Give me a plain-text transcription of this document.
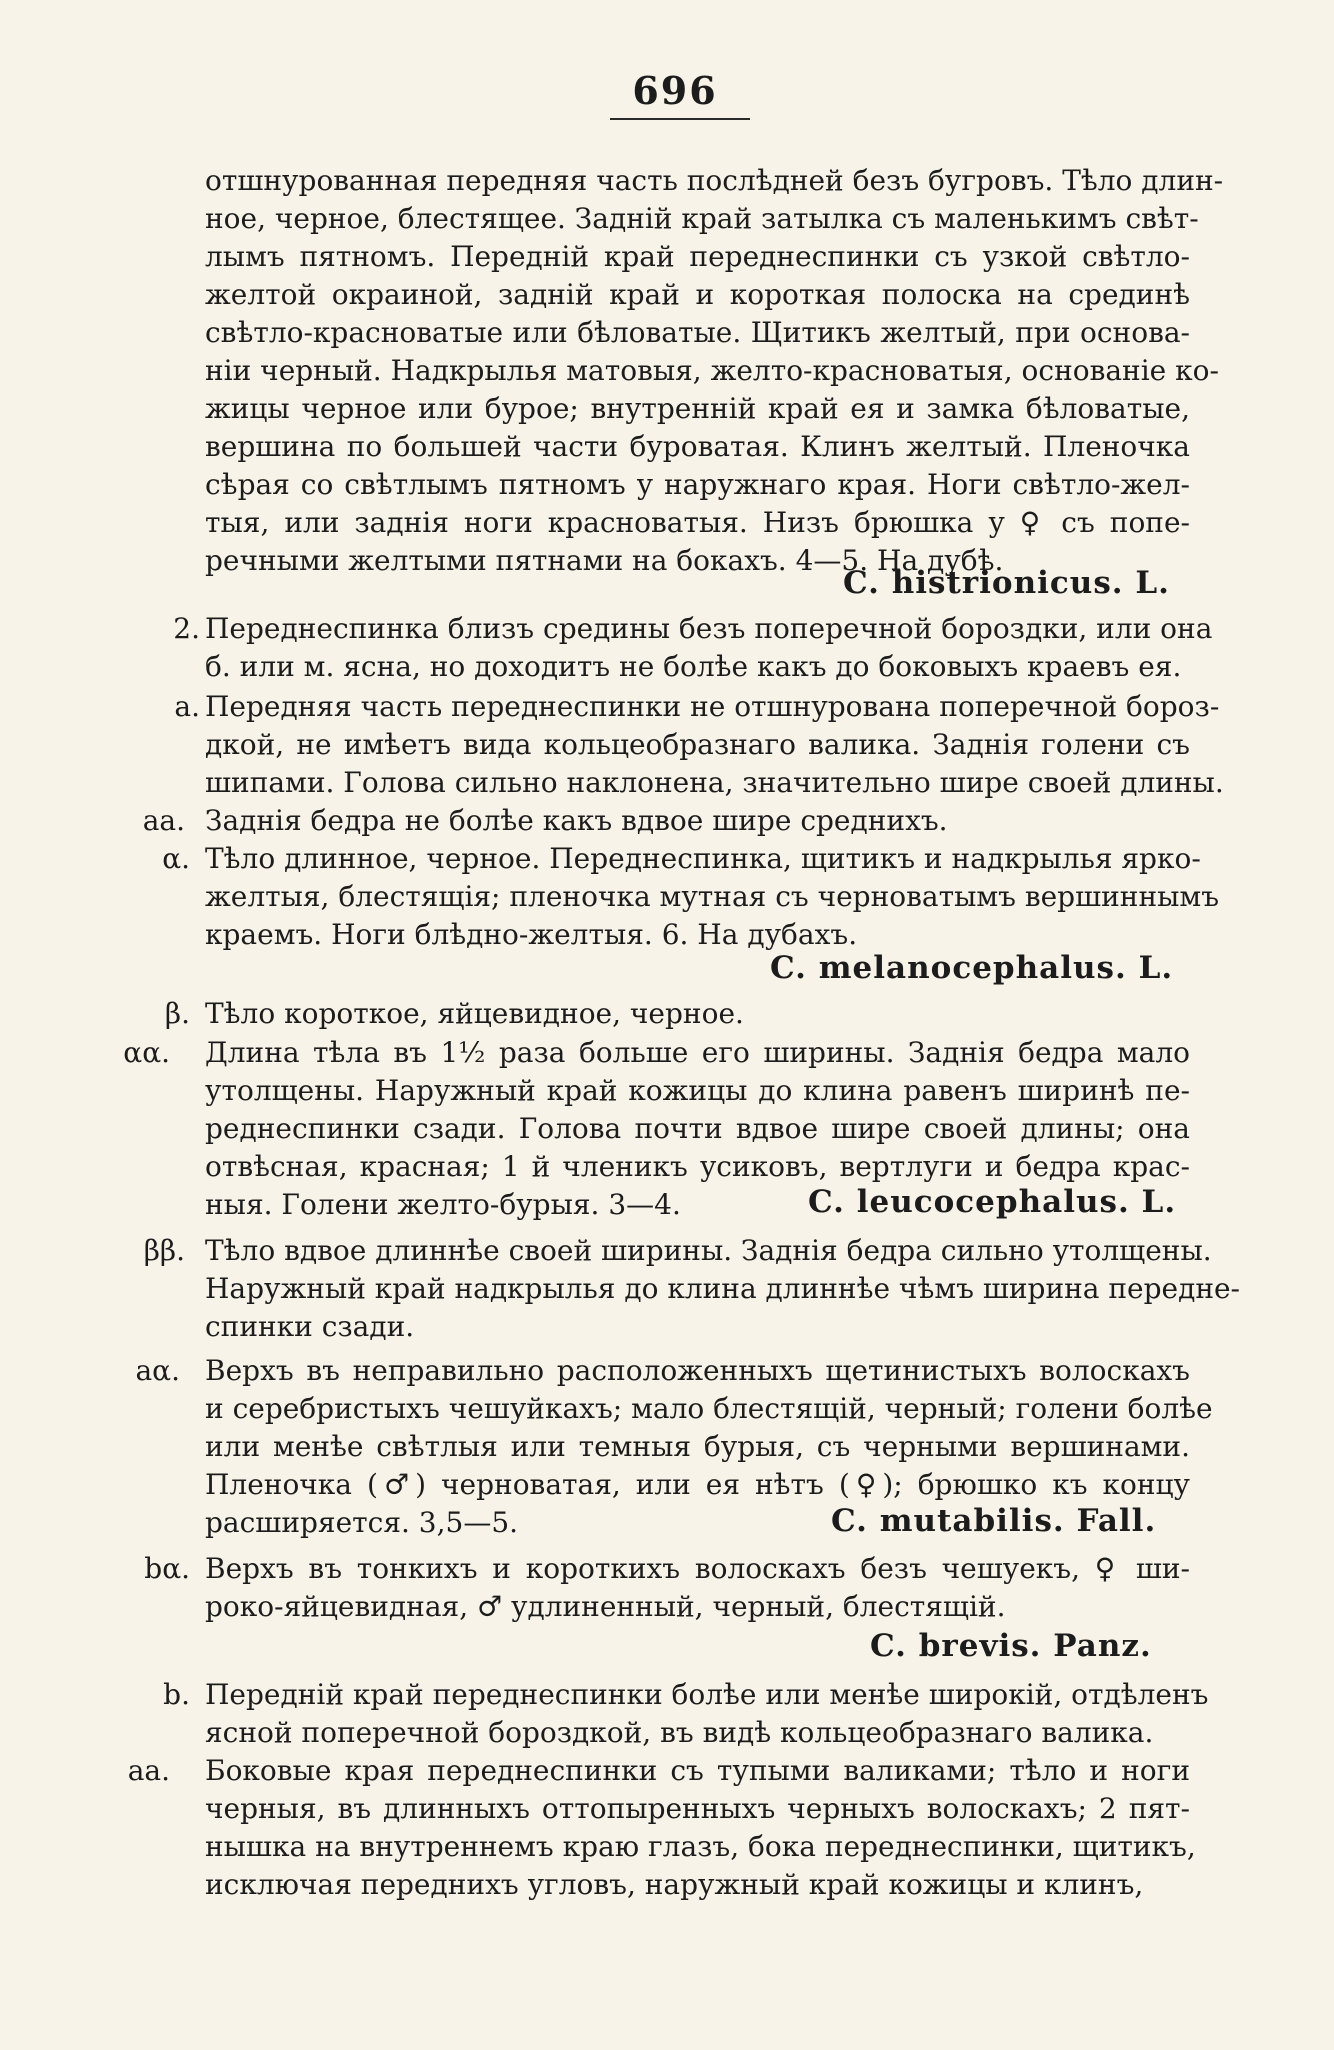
696
отшнурованная передняя часть послѣдней безъ бугровъ. Тѣло длин-
ное, черное, блестящее. Заднiй край затылка съ маленькимъ свѣт-
лымъ пятномъ. Переднiй край переднеспинки съ узкой свѣтло-
желтой окраиной, заднiй край и короткая полоска на срединѣ
свѣтло-красноватые или бѣловатые. Щитикъ желтый, при основа-
нiи черный. Надкрылья матовыя, желто-красноватыя, основанiе ко-
жицы черное или бурое; внутреннiй край ея и замка бѣловатые,
вершина по большей части буроватая. Клинъ желтый. Пленочка
сѣрая со свѣтлымъ пятномъ у наружнаго края. Ноги свѣтло-жел-
тыя, или заднiя ноги красноватыя. Низъ брюшка у ♀ съ попе-
речными желтыми пятнами на бокахъ. 4—5. На дубѣ.
C. histrionicus. L.
2. Переднеспинка близъ средины безъ поперечной бороздки, или она
б. или м. ясна, но доходитъ не болѣе какъ до боковыхъ краевъ ея.
а. Передняя часть переднеспинки не отшнурована поперечной бороз-
дкой, не имѣетъ вида кольцеобразнаго валика. Заднiя голени съ
шипами. Голова сильно наклонена, значительно шире своей длины.
аа. Заднiя бедра не болѣе какъ вдвое шире среднихъ.
α. Тѣло длинное, черное. Переднеспинка, щитикъ и надкрылья ярко-
желтыя, блестящiя; пленочка мутная съ черноватымъ вершиннымъ
краемъ. Ноги блѣдно-желтыя. 6. На дубахъ.
C. melanocephalus. L.
β. Тѣло короткое, яйцевидное, черное.
αα. Длина тѣла въ 1½ раза больше его ширины. Заднiя бедра мало
утолщены. Наружный край кожицы до клина равенъ ширинѣ пе-
реднеспинки сзади. Голова почти вдвое шире своей длины; она
отвѣсная, красная; 1 й членикъ усиковъ, вертлуги и бедра крас-
ныя. Голени желто-бурыя. 3—4.	C. leucocephalus. L.
ββ. Тѣло вдвое длиннѣе своей ширины. Заднiя бедра сильно утолщены.
Наружный край надкрылья до клина длиннѣе чѣмъ ширина передне-
спинки сзади.
аα. Верхъ въ неправильно расположенныхъ щетинистыхъ волоскахъ
и серебристыхъ чешуйкахъ; мало блестящiй, черный; голени болѣе
или менѣе свѣтлыя или темныя бурыя, съ черными вершинами.
Пленочка (♂) черноватая, или ея нѣтъ (♀); брюшко къ концу
расширяется. 3,5—5.	C. mutabilis. Fall.
bα. Верхъ въ тонкихъ и короткихъ волоскахъ безъ чешуекъ, ♀ ши-
роко-яйцевидная, ♂ удлиненный, черный, блестящiй.
C. brevis. Panz.
b. Переднiй край переднеспинки болѣе или менѣе широкiй, отдѣленъ
ясной поперечной бороздкой, въ видѣ кольцеобразнаго валика.
аа. Боковые края переднеспинки съ тупыми валиками; тѣло и ноги
черныя, въ длинныхъ оттопыренныхъ черныхъ волоскахъ; 2 пят-
нышка на внутреннемъ краю глазъ, бока переднеспинки, щитикъ,
исключая переднихъ угловъ, наружный край кожицы и клинъ,
